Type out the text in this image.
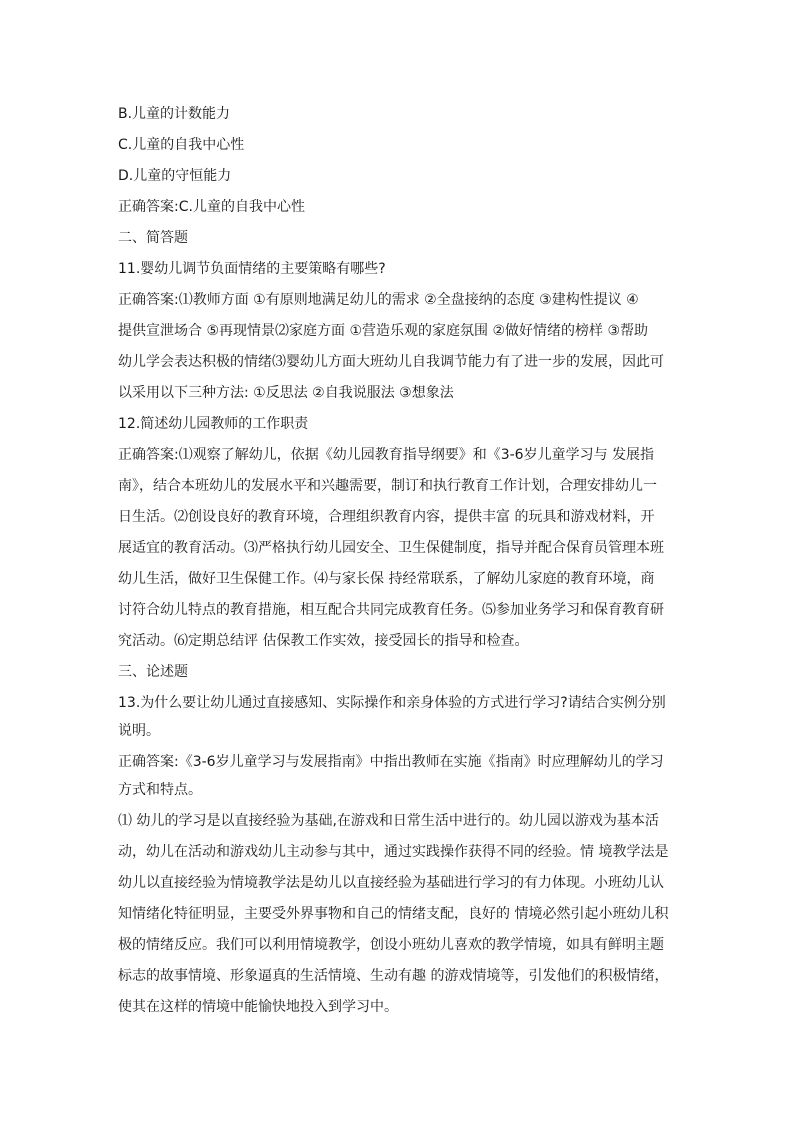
B.儿童的计数能力

C.儿童的自我中心性

D.儿童的守恒能力

正确答案:C.儿童的自我中心性

二、简答题

11.婴幼儿调节负面情绪的主要策略有哪些?

正确答案:⑴教师方面 ①有原则地满足幼儿的需求 ②全盘接纳的态度 ③建构性提议 ④

提供宣泄场合 ⑤再现情景⑵家庭方面 ①营造乐观的家庭氛围 ②做好情绪的榜样 ③帮助

幼儿学会表达积极的情绪⑶婴幼儿方面大班幼儿自我调节能力有了进一步的发展，因此可

以采用以下三种方法: ①反思法 ②自我说服法 ③想象法

12.简述幼儿园教师的工作职责

正确答案:⑴观察了解幼儿，依据《幼儿园教育指导纲要》和《3-6岁儿童学习与 发展指

南》，结合本班幼儿的发展水平和兴趣需要，制订和执行教育工作计划，合理安排幼儿一

日生活。⑵创设良好的教育环境，合理组织教育内容，提供丰富 的玩具和游戏材料，开

展适宜的教育活动。⑶严格执行幼儿园安全、卫生保健制度，指导并配合保育员管理本班

幼儿生活，做好卫生保健工作。⑷与家长保 持经常联系，了解幼儿家庭的教育环境，商

讨符合幼儿特点的教育措施，相互配合共同完成教育任务。⑸参加业务学习和保育教育研

究活动。⑹定期总结评 估保教工作实效，接受园长的指导和检查。

三、论述题

13.为什么要让幼儿通过直接感知、实际操作和亲身体验的方式进行学习?请结合实例分别

说明。

正确答案:《3-6岁儿童学习与发展指南》中指出教师在实施《指南》时应理解幼儿的学习

方式和特点。

⑴ 幼儿的学习是以直接经验为基础,在游戏和日常生活中进行的。幼儿园以游戏为基本活

动，幼儿在活动和游戏幼儿主动参与其中，通过实践操作获得不同的经验。情 境教学法是

幼儿以直接经验为情境教学法是幼儿以直接经验为基础进行学习的有力体现。小班幼儿认

知情绪化特征明显，主要受外界事物和自己的情绪支配，良好的 情境必然引起小班幼儿积

极的情绪反应。我们可以利用情境教学，创设小班幼儿喜欢的教学情境，如具有鲜明主题

标志的故事情境、形象逼真的生活情境、生动有趣 的游戏情境等，引发他们的积极情绪，

使其在这样的情境中能愉快地投入到学习中。
